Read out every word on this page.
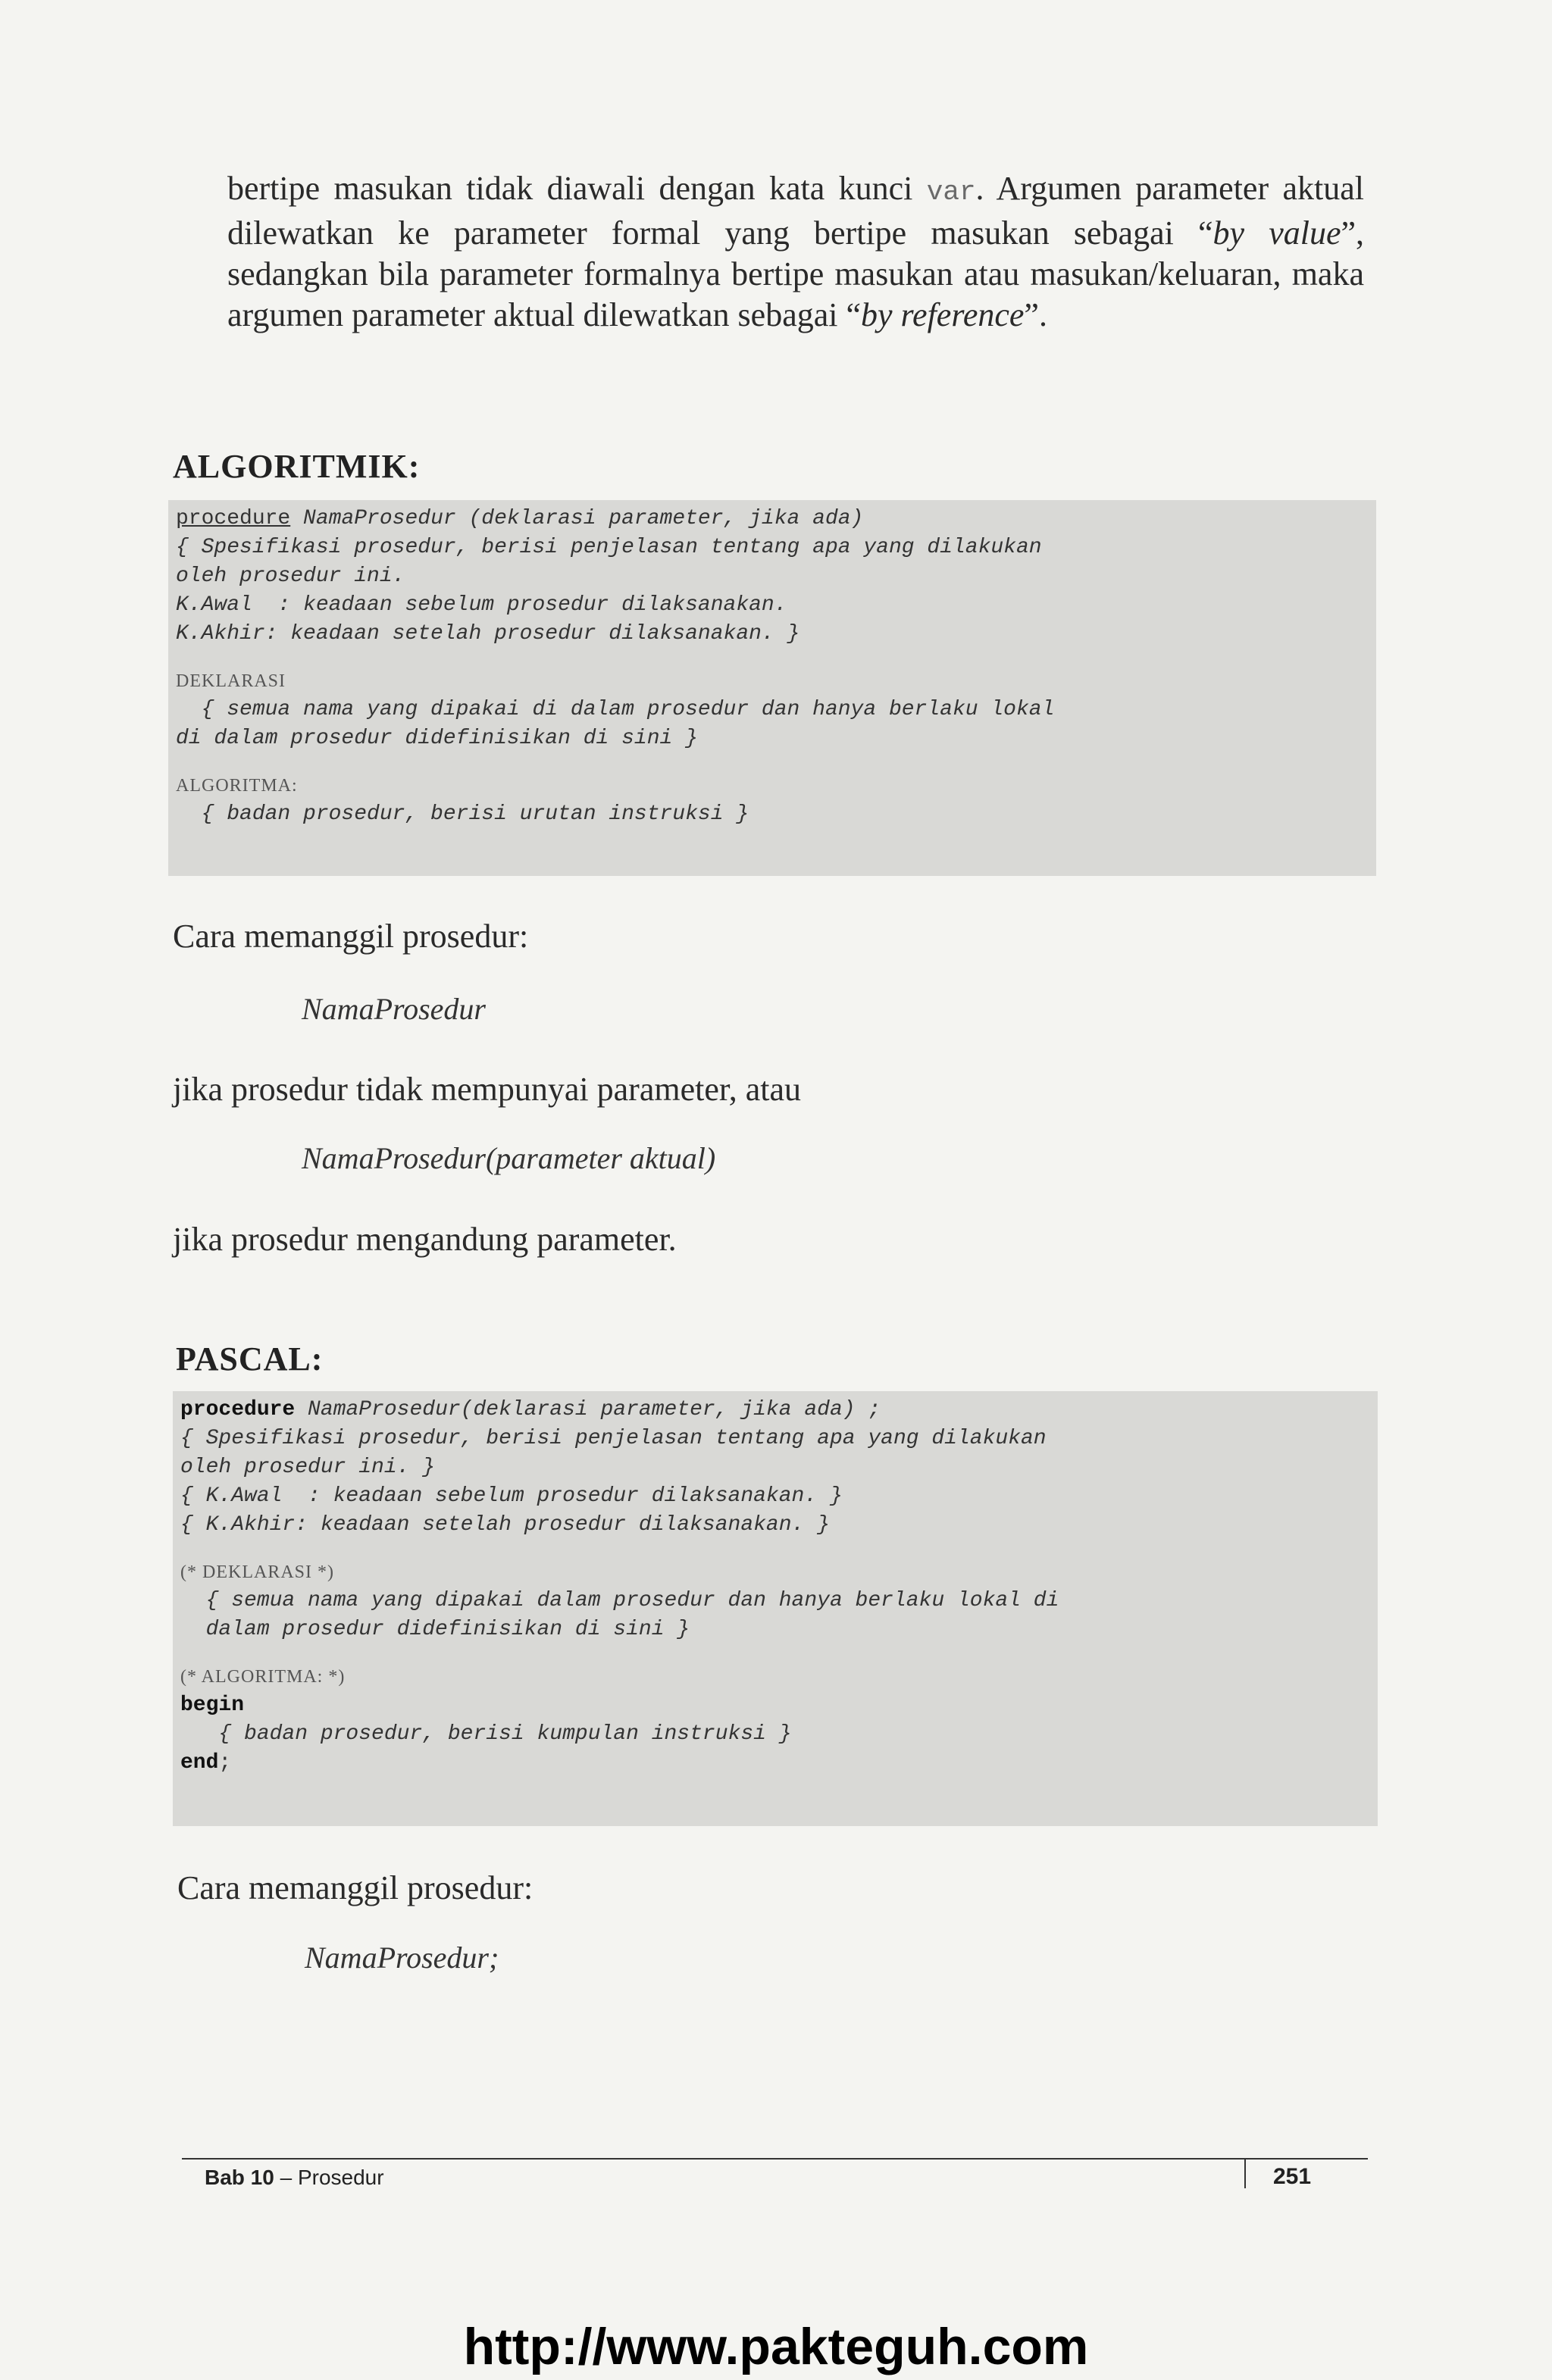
bertipe masukan tidak diawali dengan kata kunci var. Argumen parameter aktual dilewatkan ke parameter formal yang bertipe masukan sebagai “by value”, sedangkan bila parameter formalnya bertipe masukan atau masukan/keluaran, maka argumen parameter aktual dilewatkan sebagai “by reference”.
ALGORITMIK:
procedure NamaProsedur (deklarasi parameter, jika ada)
{ Spesifikasi prosedur, berisi penjelasan tentang apa yang dilakukan
oleh prosedur ini.
K.Awal  : keadaan sebelum prosedur dilaksanakan.
K.Akhir: keadaan setelah prosedur dilaksanakan. }
DEKLARASI
{ semua nama yang dipakai di dalam prosedur dan hanya berlaku lokal
di dalam prosedur didefinisikan di sini }
ALGORITMA:
{ badan prosedur, berisi urutan instruksi }
Cara memanggil prosedur:
NamaProsedur
jika prosedur tidak mempunyai parameter, atau
NamaProsedur(parameter aktual)
jika prosedur mengandung parameter.
PASCAL:
procedure NamaProsedur(deklarasi parameter, jika ada) ;
{ Spesifikasi prosedur, berisi penjelasan tentang apa yang dilakukan
oleh prosedur ini. }
{ K.Awal  : keadaan sebelum prosedur dilaksanakan. }
{ K.Akhir: keadaan setelah prosedur dilaksanakan. }
(* DEKLARASI *)
{ semua nama yang dipakai dalam prosedur dan hanya berlaku lokal di
dalam prosedur didefinisikan di sini }
(* ALGORITMA: *)
begin
{ badan prosedur, berisi kumpulan instruksi }
end;
Cara memanggil prosedur:
NamaProsedur;
Bab 10 – Prosedur	251
http://www.pakteguh.com
